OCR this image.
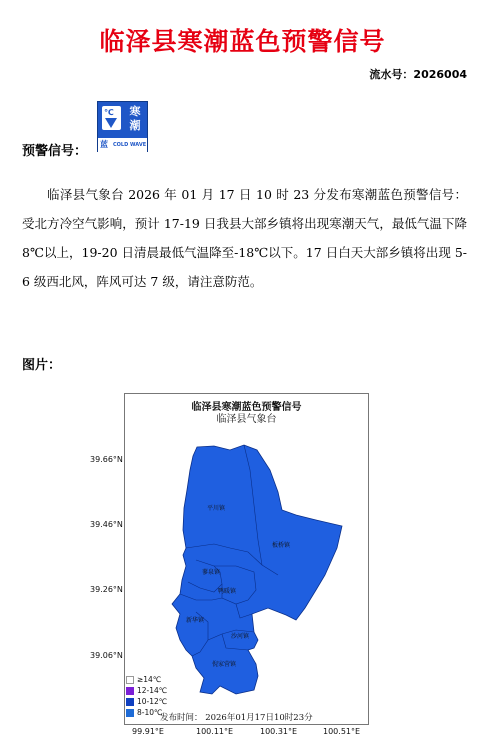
临泽县寒潮蓝色预警信号
流水号：2026004
预警信号：
℃	寒
潮
蓝 COLD WAVE
临泽县气象台 2026 年 01 月 17 日 10 时 23 分发布寒潮蓝色预警信号：受北方冷空气影响，预计 17-19 日我县大部乡镇将出现寒潮天气，最低气温下降 8℃以上，19-20 日清晨最低气温降至-18℃以下。17 日白天大部乡镇将出现 5-6 级西北风，阵风可达 7 级，请注意防范。
图片：
临泽县寒潮蓝色预警信号
临泽县气象台
39.66°N
39.46°N
39.26°N
39.06°N
99.91°E	100.11°E	100.31°E	100.51°E
平川镇
蓼泉镇
鸭暖镇
板桥镇
新华镇
沙河镇
倪家营镇
≥14℃
12-14℃
10-12℃
8-10℃
发布时间： 2026年01月17日10时23分
